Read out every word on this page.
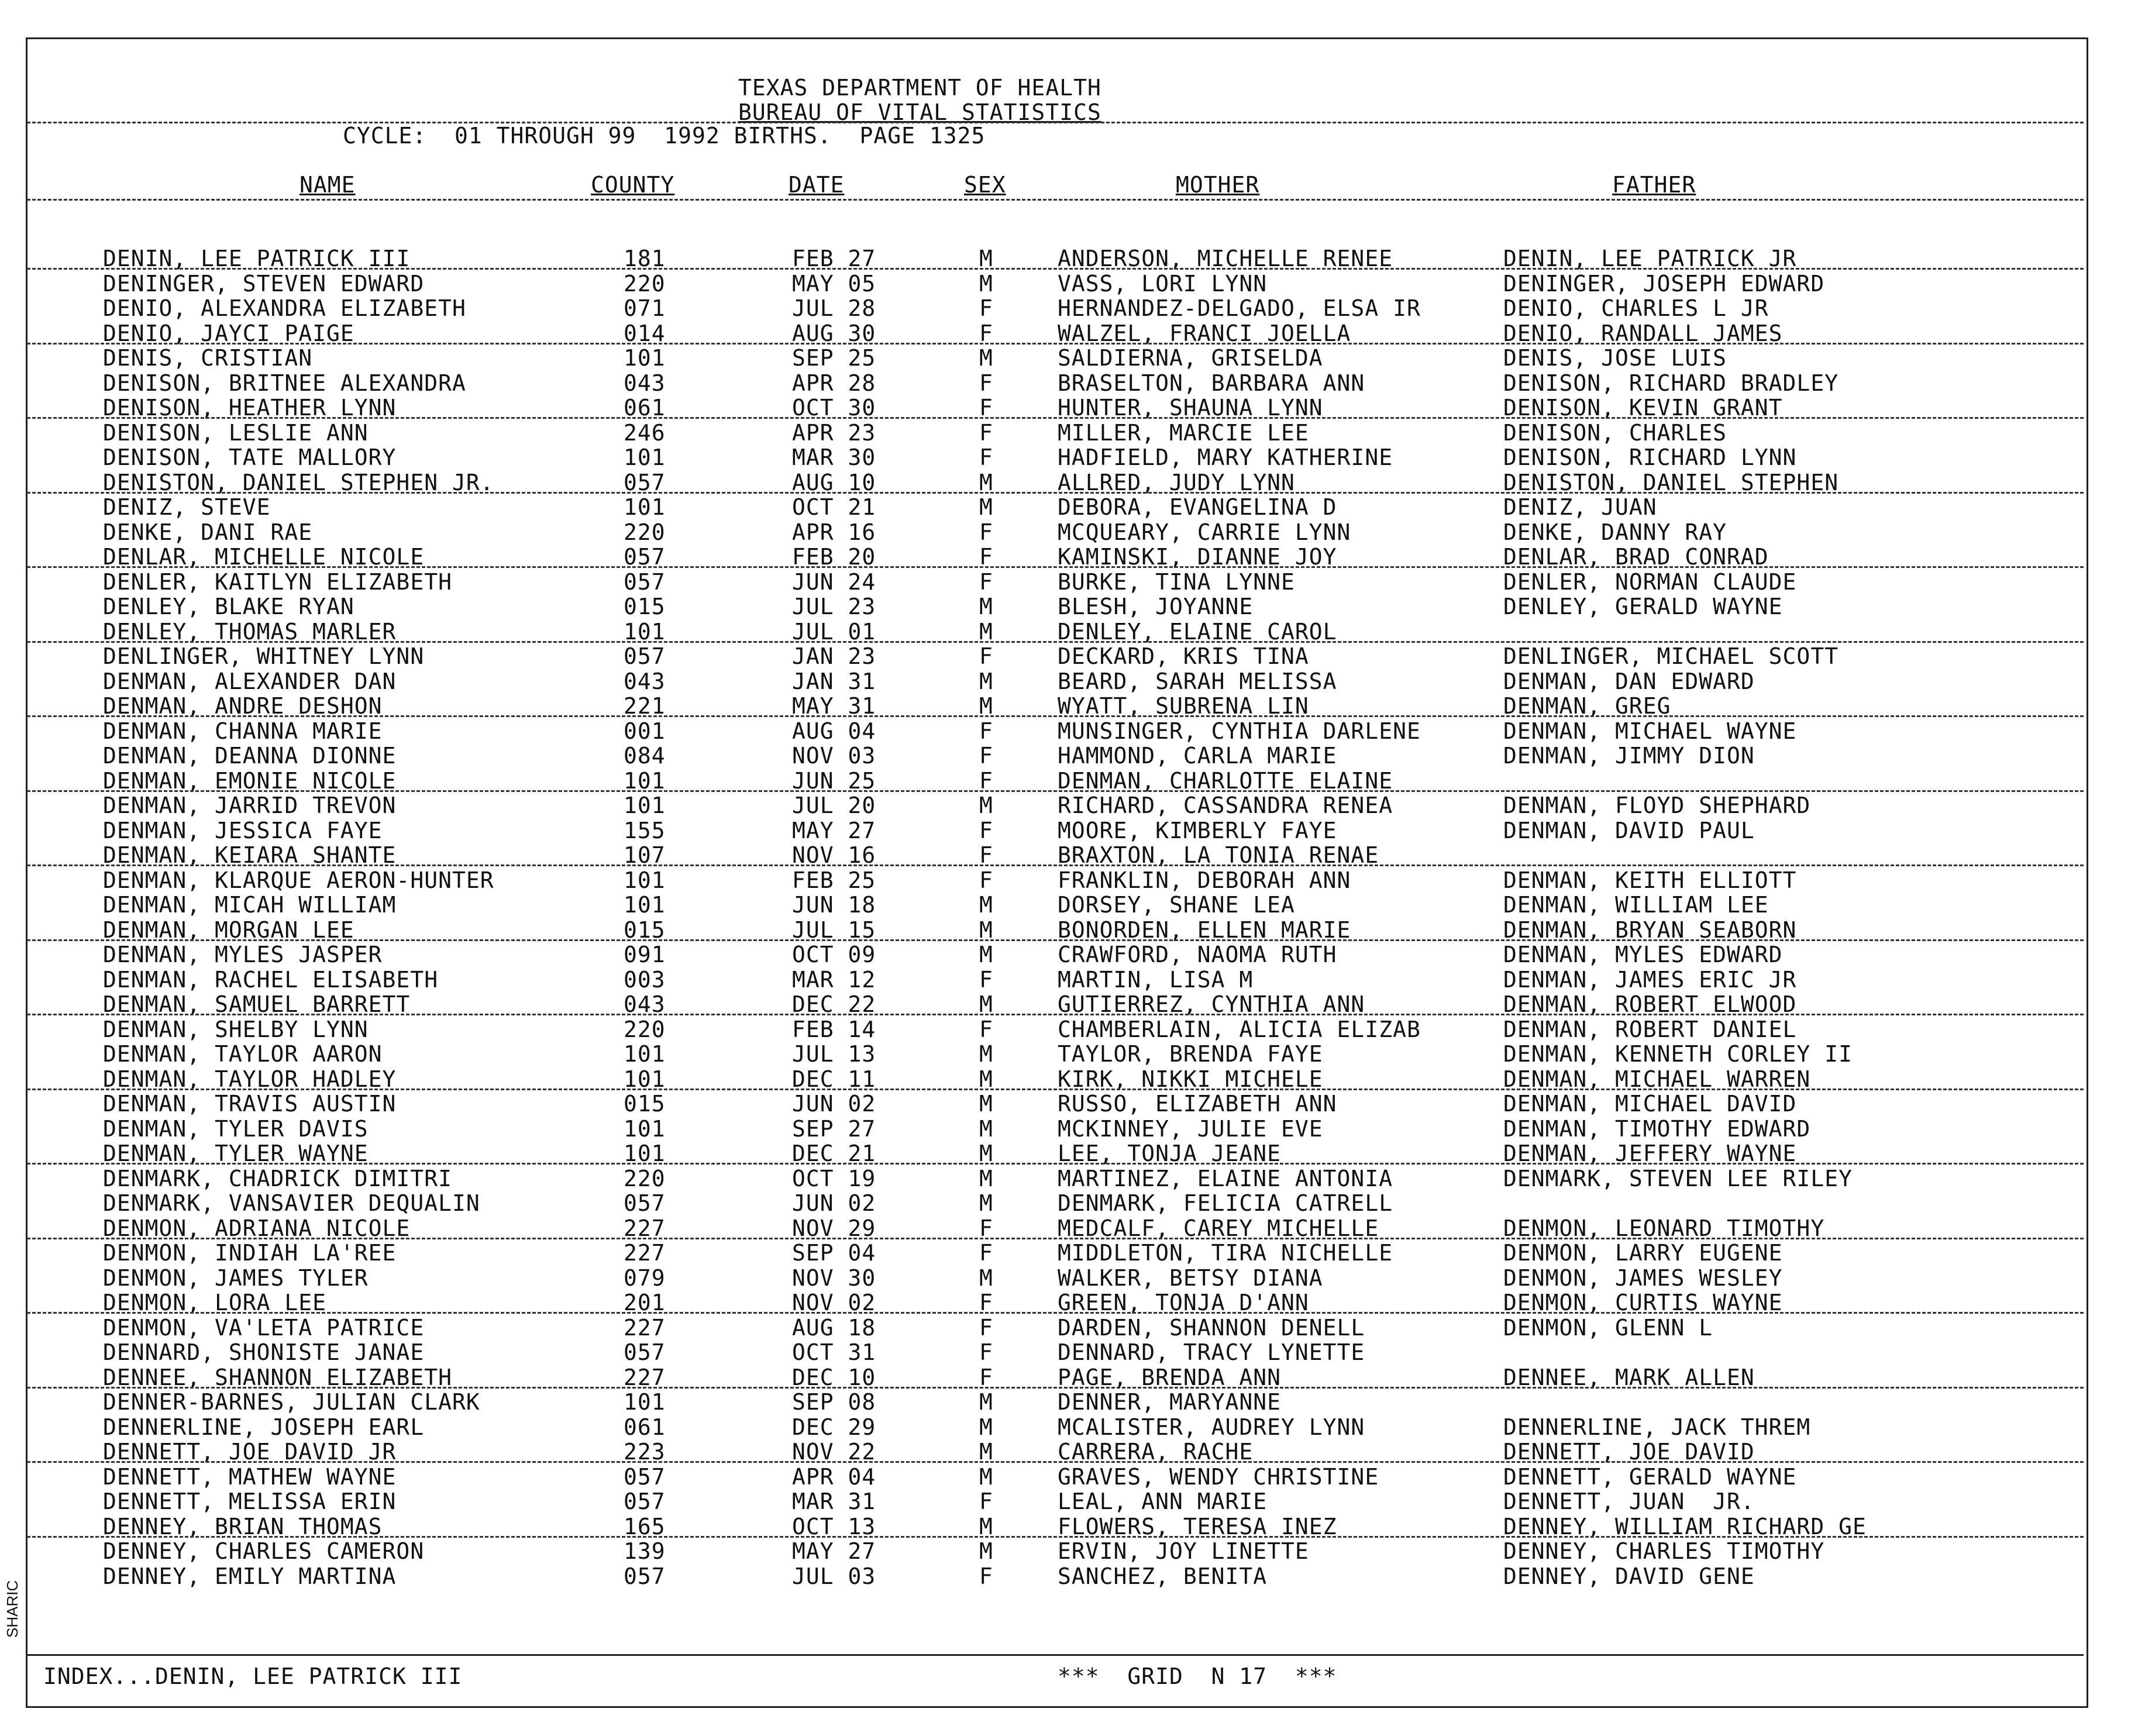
TEXAS DEPARTMENT OF HEALTH
BUREAU OF VITAL STATISTICS
CYCLE:  01 THROUGH 99  1992 BIRTHS.  PAGE 1325
NAME	COUNTY	DATE	SEX	MOTHER	FATHER
DENIN, LEE PATRICK III	181	FEB 27	M	ANDERSON, MICHELLE RENEE	DENIN, LEE PATRICK JR
DENINGER, STEVEN EDWARD	220	MAY 05	M	VASS, LORI LYNN	DENINGER, JOSEPH EDWARD
DENIO, ALEXANDRA ELIZABETH	071	JUL 28	F	HERNANDEZ-DELGADO, ELSA IR	DENIO, CHARLES L JR
DENIO, JAYCI PAIGE	014	AUG 30	F	WALZEL, FRANCI JOELLA	DENIO, RANDALL JAMES
DENIS, CRISTIAN	101	SEP 25	M	SALDIERNA, GRISELDA	DENIS, JOSE LUIS
DENISON, BRITNEE ALEXANDRA	043	APR 28	F	BRASELTON, BARBARA ANN	DENISON, RICHARD BRADLEY
DENISON, HEATHER LYNN	061	OCT 30	F	HUNTER, SHAUNA LYNN	DENISON, KEVIN GRANT
DENISON, LESLIE ANN	246	APR 23	F	MILLER, MARCIE LEE	DENISON, CHARLES
DENISON, TATE MALLORY	101	MAR 30	F	HADFIELD, MARY KATHERINE	DENISON, RICHARD LYNN
DENISTON, DANIEL STEPHEN JR.	057	AUG 10	M	ALLRED, JUDY LYNN	DENISTON, DANIEL STEPHEN
DENIZ, STEVE	101	OCT 21	M	DEBORA, EVANGELINA D	DENIZ, JUAN
DENKE, DANI RAE	220	APR 16	F	MCQUEARY, CARRIE LYNN	DENKE, DANNY RAY
DENLAR, MICHELLE NICOLE	057	FEB 20	F	KAMINSKI, DIANNE JOY	DENLAR, BRAD CONRAD
DENLER, KAITLYN ELIZABETH	057	JUN 24	F	BURKE, TINA LYNNE	DENLER, NORMAN CLAUDE
DENLEY, BLAKE RYAN	015	JUL 23	M	BLESH, JOYANNE	DENLEY, GERALD WAYNE
DENLEY, THOMAS MARLER	101	JUL 01	M	DENLEY, ELAINE CAROL
DENLINGER, WHITNEY LYNN	057	JAN 23	F	DECKARD, KRIS TINA	DENLINGER, MICHAEL SCOTT
DENMAN, ALEXANDER DAN	043	JAN 31	M	BEARD, SARAH MELISSA	DENMAN, DAN EDWARD
DENMAN, ANDRE DESHON	221	MAY 31	M	WYATT, SUBRENA LIN	DENMAN, GREG
DENMAN, CHANNA MARIE	001	AUG 04	F	MUNSINGER, CYNTHIA DARLENE	DENMAN, MICHAEL WAYNE
DENMAN, DEANNA DIONNE	084	NOV 03	F	HAMMOND, CARLA MARIE	DENMAN, JIMMY DION
DENMAN, EMONIE NICOLE	101	JUN 25	F	DENMAN, CHARLOTTE ELAINE
DENMAN, JARRID TREVON	101	JUL 20	M	RICHARD, CASSANDRA RENEA	DENMAN, FLOYD SHEPHARD
DENMAN, JESSICA FAYE	155	MAY 27	F	MOORE, KIMBERLY FAYE	DENMAN, DAVID PAUL
DENMAN, KEIARA SHANTE	107	NOV 16	F	BRAXTON, LA TONIA RENAE
DENMAN, KLARQUE AERON-HUNTER	101	FEB 25	F	FRANKLIN, DEBORAH ANN	DENMAN, KEITH ELLIOTT
DENMAN, MICAH WILLIAM	101	JUN 18	M	DORSEY, SHANE LEA	DENMAN, WILLIAM LEE
DENMAN, MORGAN LEE	015	JUL 15	M	BONORDEN, ELLEN MARIE	DENMAN, BRYAN SEABORN
DENMAN, MYLES JASPER	091	OCT 09	M	CRAWFORD, NAOMA RUTH	DENMAN, MYLES EDWARD
DENMAN, RACHEL ELISABETH	003	MAR 12	F	MARTIN, LISA M	DENMAN, JAMES ERIC JR
DENMAN, SAMUEL BARRETT	043	DEC 22	M	GUTIERREZ, CYNTHIA ANN	DENMAN, ROBERT ELWOOD
DENMAN, SHELBY LYNN	220	FEB 14	F	CHAMBERLAIN, ALICIA ELIZAB	DENMAN, ROBERT DANIEL
DENMAN, TAYLOR AARON	101	JUL 13	M	TAYLOR, BRENDA FAYE	DENMAN, KENNETH CORLEY II
DENMAN, TAYLOR HADLEY	101	DEC 11	M	KIRK, NIKKI MICHELE	DENMAN, MICHAEL WARREN
DENMAN, TRAVIS AUSTIN	015	JUN 02	M	RUSSO, ELIZABETH ANN	DENMAN, MICHAEL DAVID
DENMAN, TYLER DAVIS	101	SEP 27	M	MCKINNEY, JULIE EVE	DENMAN, TIMOTHY EDWARD
DENMAN, TYLER WAYNE	101	DEC 21	M	LEE, TONJA JEANE	DENMAN, JEFFERY WAYNE
DENMARK, CHADRICK DIMITRI	220	OCT 19	M	MARTINEZ, ELAINE ANTONIA	DENMARK, STEVEN LEE RILEY
DENMARK, VANSAVIER DEQUALIN	057	JUN 02	M	DENMARK, FELICIA CATRELL
DENMON, ADRIANA NICOLE	227	NOV 29	F	MEDCALF, CAREY MICHELLE	DENMON, LEONARD TIMOTHY
DENMON, INDIAH LA'REE	227	SEP 04	F	MIDDLETON, TIRA NICHELLE	DENMON, LARRY EUGENE
DENMON, JAMES TYLER	079	NOV 30	M	WALKER, BETSY DIANA	DENMON, JAMES WESLEY
DENMON, LORA LEE	201	NOV 02	F	GREEN, TONJA D'ANN	DENMON, CURTIS WAYNE
DENMON, VA'LETA PATRICE	227	AUG 18	F	DARDEN, SHANNON DENELL	DENMON, GLENN L
DENNARD, SHONISTE JANAE	057	OCT 31	F	DENNARD, TRACY LYNETTE
DENNEE, SHANNON ELIZABETH	227	DEC 10	F	PAGE, BRENDA ANN	DENNEE, MARK ALLEN
DENNER-BARNES, JULIAN CLARK	101	SEP 08	M	DENNER, MARYANNE
DENNERLINE, JOSEPH EARL	061	DEC 29	M	MCALISTER, AUDREY LYNN	DENNERLINE, JACK THREM
DENNETT, JOE DAVID JR	223	NOV 22	M	CARRERA, RACHE	DENNETT, JOE DAVID
DENNETT, MATHEW WAYNE	057	APR 04	M	GRAVES, WENDY CHRISTINE	DENNETT, GERALD WAYNE
DENNETT, MELISSA ERIN	057	MAR 31	F	LEAL, ANN MARIE	DENNETT, JUAN  JR.
DENNEY, BRIAN THOMAS	165	OCT 13	M	FLOWERS, TERESA INEZ	DENNEY, WILLIAM RICHARD GE
DENNEY, CHARLES CAMERON	139	MAY 27	M	ERVIN, JOY LINETTE	DENNEY, CHARLES TIMOTHY
DENNEY, EMILY MARTINA	057	JUL 03	F	SANCHEZ, BENITA	DENNEY, DAVID GENE
INDEX...DENIN, LEE PATRICK III	***  GRID  N 17  ***
SHARIC
